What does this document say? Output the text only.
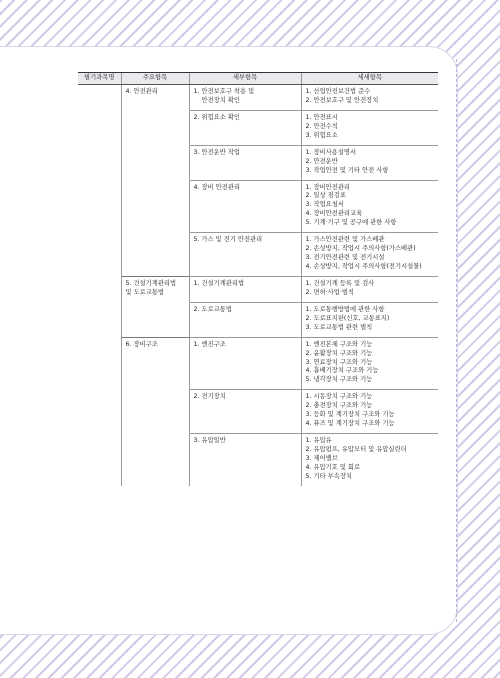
필기과목명	주요항목	세부항목	세세항목

	4. 안전관리	1. 안전보호구 착용 및
안전장치 확인	1. 산업안전보건법 준수
2. 안전보호구 및 안전장치

		2. 위험요소 확인	1. 안전표시
2. 안전수칙
3. 위험요소

		3. 안전운반 작업	1. 장비사용설명서
2. 안전운반
3. 작업안전 및 기타 안전 사항

		4. 장비 안전관리	1. 장비안전관리
2. 일상 점검표
3. 작업요청서
4. 장비안전관리교육
5. 기계·기구 및 공구에 관한 사항

		5. 가스 및 전기 안전관리	1. 가스안전관련 및 가스배관
2. 손상방지, 작업시 주의사항(가스배관)
3. 전기안전관련 및 전기시설
4. 손상방지, 작업시 주의사항(전기시설물)

	5. 건설기계관리법
및 도로교통법	1. 건설기계관리법	1. 건설기계 등록 및 검사
2. 면허·사업·벌칙

		2. 도로교통법	1. 도로통행방법에 관한 사항
2. 도로표지판(신호, 교통표지)
3. 도로교통법 관련 벌칙

	6. 장비구조	1. 엔진구조	1. 엔진본체 구조와 기능
2. 윤활장치 구조와 기능
3. 연료장치 구조와 기능
4. 흡배기장치 구조와 기능
5. 냉각장치 구조와 기능

		2. 전기장치	1. 시동장치 구조와 기능
2. 충전장치 구조와 기능
3. 등화 및 계기장치 구조와 기능
4. 퓨즈 및 계기장치 구조와 기능

		3. 유압일반	1. 유압유
2. 유압펌프, 유압모터 및 유압실린더
3. 제어밸브
4. 유압기호 및 회로
5. 기타 부속장치
